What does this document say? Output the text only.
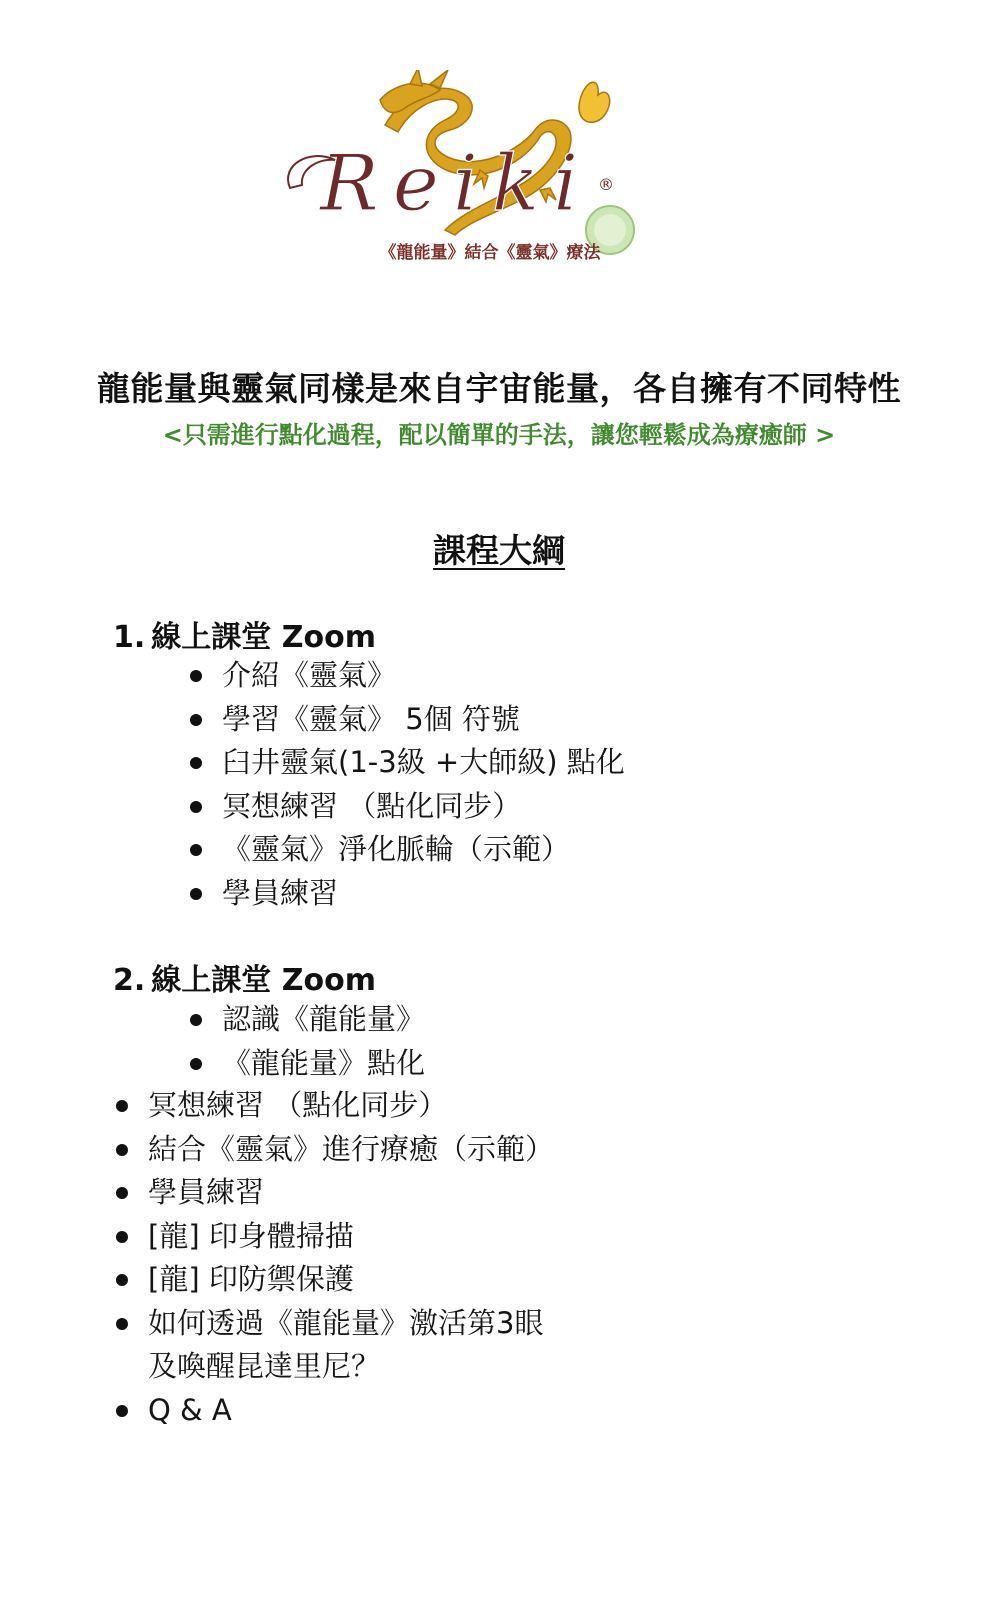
Reiki ®
《龍能量》結合《靈氣》療法
龍能量與靈氣同樣是來自宇宙能量，各自擁有不同特性
<只需進行點化過程，配以簡單的手法，讓您輕鬆成為療癒師 >
課程大綱
1. 線上課堂 Zoom
介紹《靈氣》
學習《靈氣》 5個 符號
臼井靈氣(1-3級 +大師級) 點化
冥想練習 （點化同步）
《靈氣》淨化脈輪（示範）
學員練習
2. 線上課堂 Zoom
認識《龍能量》
《龍能量》點化
冥想練習 （點化同步）
結合《靈氣》進行療癒（示範）
學員練習
[龍] 印身體掃描
[龍] 印防禦保護
如何透過《龍能量》激活第3眼 及喚醒昆達里尼？
Q & A
